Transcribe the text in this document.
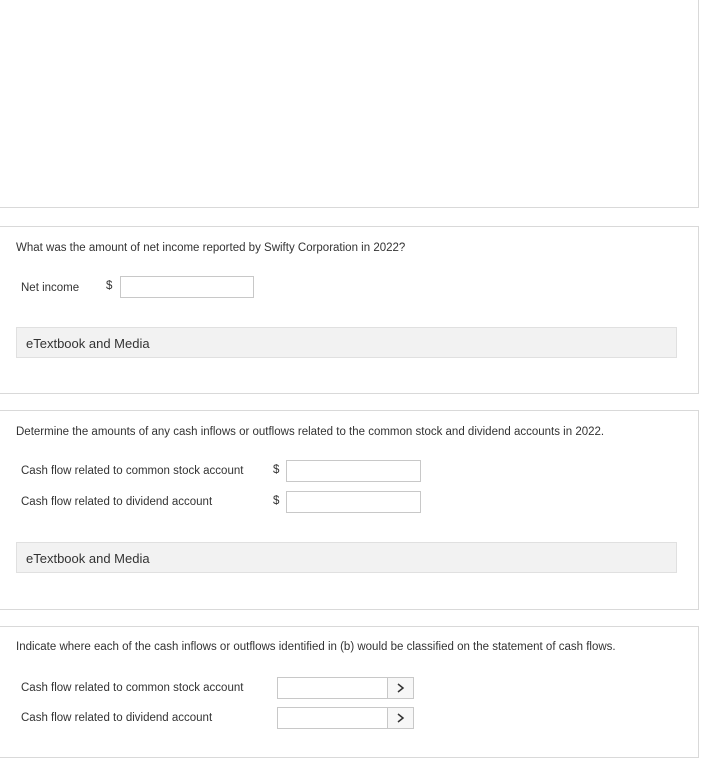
What was the amount of net income reported by Swifty Corporation in 2022?
Net income $
eTextbook and Media
Determine the amounts of any cash inflows or outflows related to the common stock and dividend accounts in 2022.
Cash flow related to common stock account	$
Cash flow related to dividend account	$
eTextbook and Media
Indicate where each of the cash inflows or outflows identified in (b) would be classified on the statement of cash flows.
Cash flow related to common stock account
Cash flow related to dividend account
